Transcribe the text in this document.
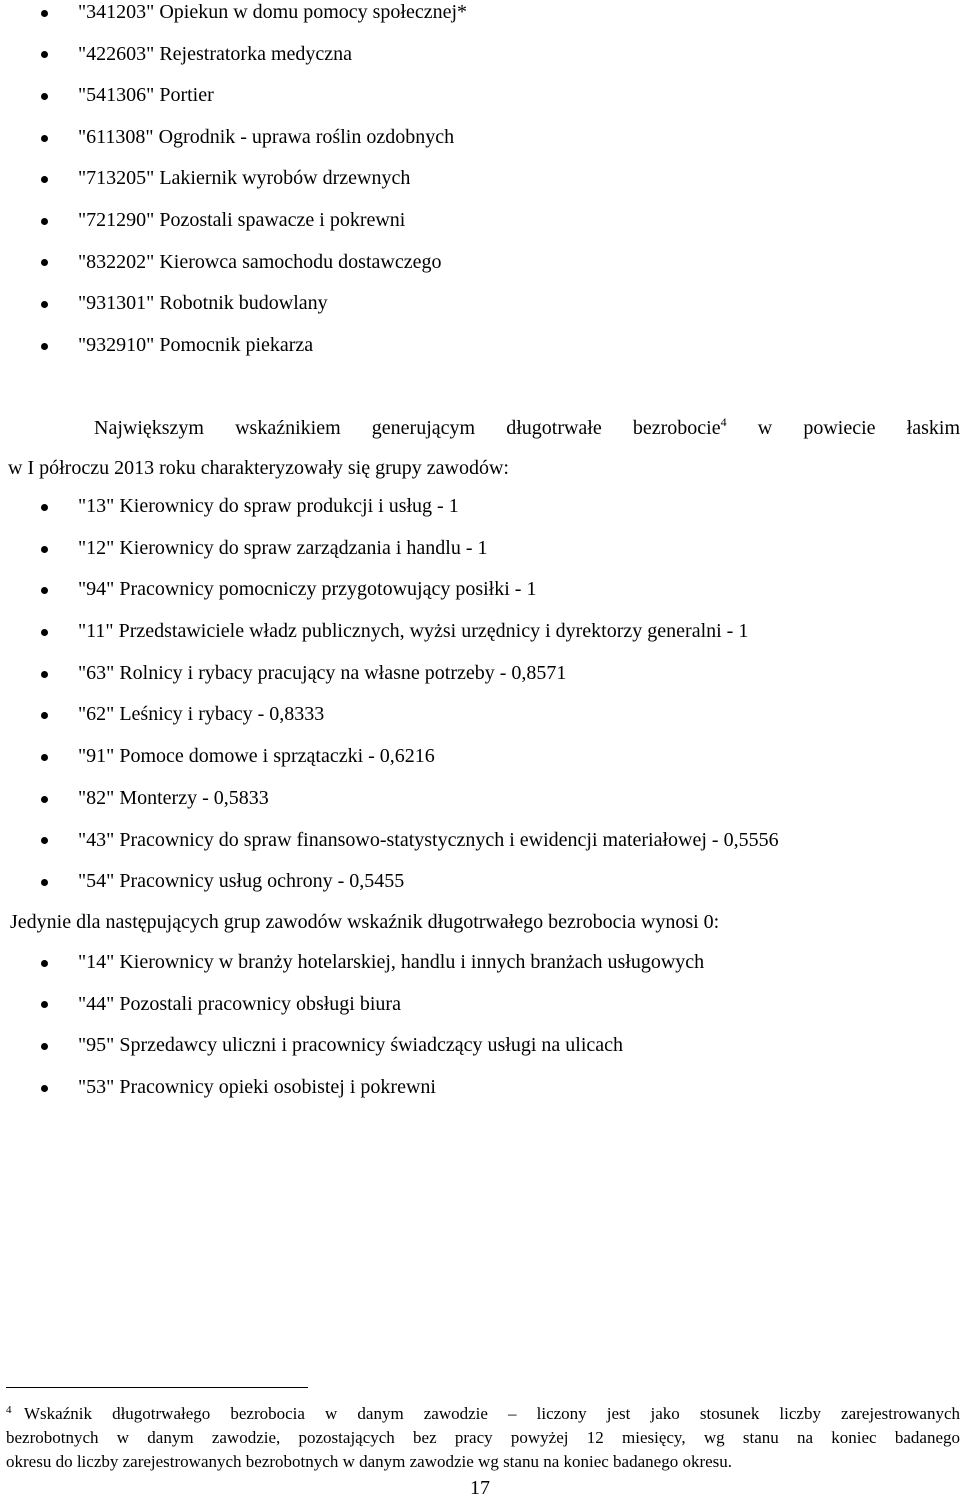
"341203" Opiekun w domu pomocy społecznej*
"422603" Rejestratorka medyczna
"541306" Portier
"611308" Ogrodnik - uprawa roślin ozdobnych
"713205" Lakiernik wyrobów drzewnych
"721290" Pozostali spawacze i pokrewni
"832202" Kierowca samochodu dostawczego
"931301" Robotnik budowlany
"932910" Pomocnik piekarza
Największym wskaźnikiem generującym długotrwałe bezrobocie$^4$ w powiecie łaskim
w I półroczu 2013 roku charakteryzowały się grupy zawodów:
"13" Kierownicy do spraw produkcji i usług - 1
"12" Kierownicy do spraw zarządzania i handlu - 1
"94" Pracownicy pomocniczy przygotowujący posiłki - 1
"11" Przedstawiciele władz publicznych, wyżsi urzędnicy i dyrektorzy generalni - 1
"63" Rolnicy i rybacy pracujący na własne potrzeby - 0,8571
"62" Leśnicy i rybacy - 0,8333
"91" Pomoce domowe i sprzątaczki - 0,6216
"82" Monterzy - 0,5833
"43" Pracownicy do spraw finansowo-statystycznych i ewidencji materiałowej - 0,5556
"54" Pracownicy usług ochrony - 0,5455
Jedynie dla następujących grup zawodów wskaźnik długotrwałego bezrobocia wynosi 0:
"14" Kierownicy w branży hotelarskiej, handlu i innych branżach usługowych
"44" Pozostali pracownicy obsługi biura
"95" Sprzedawcy uliczni i pracownicy świadczący usługi na ulicach
"53" Pracownicy opieki osobistej i pokrewni
4 Wskaźnik długotrwałego bezrobocia w danym zawodzie – liczony jest jako stosunek liczby zarejestrowanych
bezrobotnych w danym zawodzie, pozostających bez pracy powyżej 12 miesięcy, wg stanu na koniec badanego
okresu do liczby zarejestrowanych bezrobotnych w danym zawodzie wg stanu na koniec badanego okresu.
17
